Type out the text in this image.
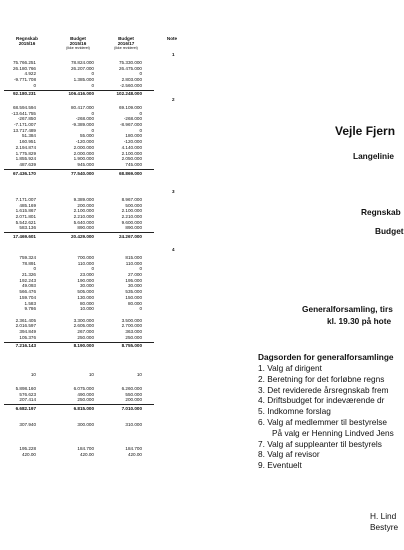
Regnskab
2015/16
Budget
2015/16
(ikke revideret)
Budget
2016/17
(ikke revideret)
Note
1
75.766.251	78.824.000	75.330.000
26.180.766	26.207.000	26.475.000
4.922	0	0
-9.771.708	1.385.000	2.803.000
0	0	-2.560.000
92.180.231	106.416.000	102.248.000
2
68.594.594	80.417.000	69.109.000
-13.641.755	0	0
-267.850	-268.000	-268.000
-7.171.007	-9.389.000	-8.967.000
13.717.489	0	0
51.384	55.000	180.000
160.951	-120.000	-120.000
2.194.874	2.000.000	4.140.000
1.775.829	2.000.000	2.100.000
1.855.924	1.900.000	2.050.000
487.639	945.000	745.000
67.436.170	77.540.000	68.869.000
3
7.171.007	9.389.000	8.967.000
485.169	200.000	500.000
1.615.867	2.100.000	2.100.000
2.071.801	2.210.000	2.210.000
5.542.621	5.640.000	9.600.000
583.136	890.000	890.000
17.469.601	20.429.000	24.267.000
4
759.324	700.000	815.000
78.891	110.000	110.000
0	0	0
21.326	23.000	27.000
192.243	190.000	195.000
49.093	30.000	30.000
566.476	505.000	535.000
159.704	130.000	150.000
1.583	80.000	80.000
9.786	10.000	0
2.361.405	3.300.000	3.500.000
2.016.597	2.605.000	2.700.000
394.849	267.000	363.000
105.376	250.000	250.000
7.216.143	8.190.000	8.755.000
10	10	10
5.898.160	6.075.000	6.260.000
576.623	490.000	550.000
207.414	250.000	200.000
6.682.197	6.815.000	7.010.000
307.940	300.000	310.000
195.228	184.700	184.700
420.00	420.00	420.00
Vejle Fjern
Langelinie
Regnskab
Budget
Generalforsamling, tirs
kl. 19.30 på hote
Dagsorden for generalforsamlinge
1. Valg af dirigent
2. Beretning for det forløbne regns
3. Det reviderede årsregnskab frem
4. Driftsbudget for indeværende dr
5. Indkomne forslag
6. Valg af medlemmer til bestyrelse
På valg er Henning Lindved Jens
7. Valg af suppleanter til bestyrels
8. Valg af revisor
9. Eventuelt
H. Lind
Bestyre
